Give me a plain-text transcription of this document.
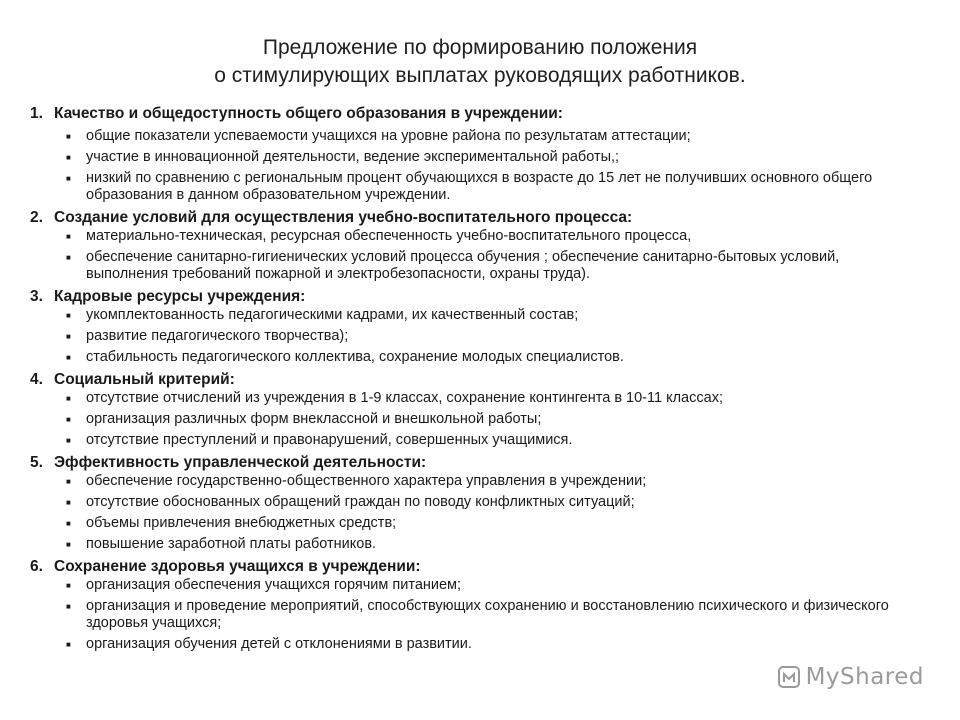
Предложение по формированию положения
о стимулирующих выплатах руководящих работников.
1. Качество и общедоступность общего образования в учреждении:
■	общие показатели успеваемости учащихся на уровне района по результатам аттестации;
■	участие в инновационной деятельности, ведение экспериментальной работы,;
■	низкий по сравнению с региональным процент обучающихся в возрасте до 15 лет не получивших основного общего образования в данном образовательном учреждении.
2. Создание условий для осуществления учебно-воспитательного процесса:
■	материально-техническая, ресурсная обеспеченность учебно-воспитательного процесса,
■	обеспечение санитарно-гигиенических условий процесса обучения ; обеспечение санитарно-бытовых условий, выполнения требований пожарной и электробезопасности, охраны труда).
3. Кадровые ресурсы учреждения:
■	укомплектованность педагогическими кадрами, их качественный состав;
■	развитие педагогического творчества);
■	стабильность педагогического коллектива, сохранение молодых специалистов.
4. Социальный критерий:
■	отсутствие отчислений из учреждения в 1-9 классах, сохранение контингента в 10-11 классах;
■	организация различных форм внеклассной и внешкольной работы;
■	отсутствие преступлений и правонарушений, совершенных учащимися.
5. Эффективность управленческой деятельности:
■	обеспечение государственно-общественного характера управления в учреждении;
■	отсутствие обоснованных обращений граждан по поводу конфликтных ситуаций;
■	объемы привлечения внебюджетных средств;
■	повышение заработной платы работников.
6. Сохранение здоровья учащихся в учреждении:
■	организация обеспечения учащихся горячим питанием;
■	организация и проведение мероприятий, способствующих сохранению и восстановлению психического и физического здоровья учащихся;
■	организация обучения детей с отклонениями в развитии.
MyShared
